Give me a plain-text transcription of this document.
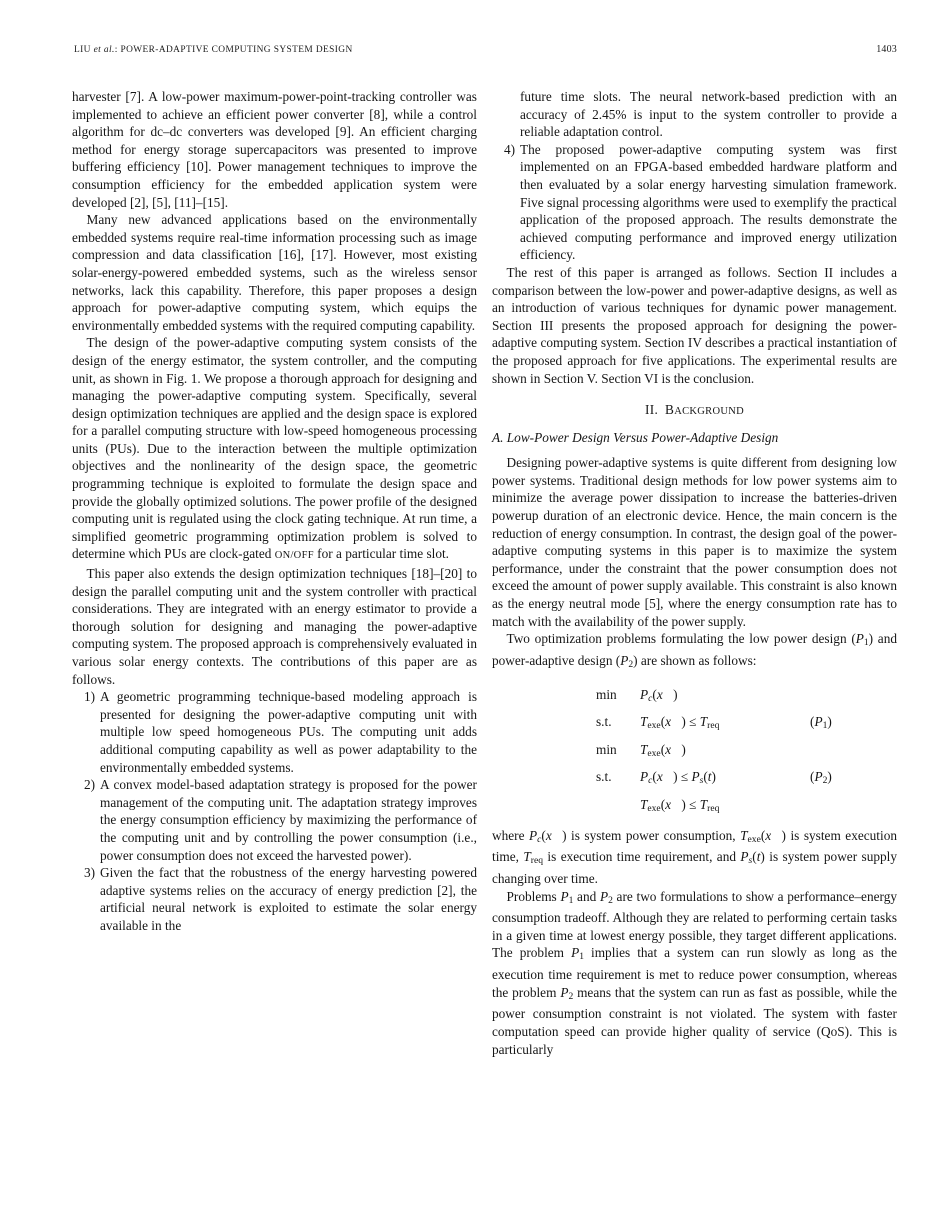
LIU et al.: POWER-ADAPTIVE COMPUTING SYSTEM DESIGN	1403

harvester [7]. A low-power maximum-power-point-tracking controller was implemented to achieve an efficient power converter [8], while a control algorithm for dc–dc converters was developed [9]. An efficient charging method for energy storage supercapacitors was presented to improve buffering efficiency [10]. Power management techniques to improve the consumption efficiency for the embedded application system were developed [2], [5], [11]–[15].

Many new advanced applications based on the environmentally embedded systems require real-time information processing such as image compression and data classification [16], [17]. However, most existing solar-energy-powered embedded systems, such as the wireless sensor networks, lack this capability. Therefore, this paper proposes a design approach for power-adaptive computing system, which equips the environmentally embedded systems with the required computing capability.

The design of the power-adaptive computing system consists of the design of the energy estimator, the system controller, and the computing unit, as shown in Fig. 1. We propose a thorough approach for designing and managing the power-adaptive computing system. Specifically, several design optimization techniques are applied and the design space is explored for a parallel computing structure with low-speed homogeneous processing units (PUs). Due to the interaction between the multiple optimization objectives and the nonlinearity of the design space, the geometric programming technique is exploited to formulate the design space and provide the globally optimized solutions. The power profile of the designed computing unit is regulated using the clock gating technique. At run time, a simplified geometric programming optimization problem is solved to determine which PUs are clock-gated ON/OFF for a particular time slot.

This paper also extends the design optimization techniques [18]–[20] to design the parallel computing unit and the system controller with practical considerations. They are integrated with an energy estimator to provide a thorough solution for designing and managing the power-adaptive computing system. The proposed approach is comprehensively evaluated in various solar energy contexts. The contributions of this paper are as follows.

1) A geometric programming technique-based modeling approach is presented for designing the power-adaptive computing unit with multiple low speed homogeneous PUs. The computing unit adds additional computing capability as well as power adaptability to the environmentally embedded systems.
2) A convex model-based adaptation strategy is proposed for the power management of the computing unit. The adaptation strategy improves the energy consumption efficiency by maximizing the performance of the computing unit and by controlling the power consumption (i.e., power consumption does not exceed the harvested power).
3) Given the fact that the robustness of the energy harvesting powered adaptive systems relies on the accuracy of energy prediction [2], the artificial neural network is exploited to estimate the solar energy available in the

future time slots. The neural network-based prediction with an accuracy of 2.45% is input to the system controller to provide a reliable adaptation control.

4) The proposed power-adaptive computing system was first implemented on an FPGA-based embedded hardware platform and then evaluated by a solar energy harvesting simulation framework. Five signal processing algorithms were used to exemplify the practical application of the proposed approach. The results demonstrate the achieved computing performance and improved energy utilization efficiency.

The rest of this paper is arranged as follows. Section II includes a comparison between the low-power and power-adaptive designs, as well as an introduction of various techniques for dynamic power management. Section III presents the proposed approach for designing the power-adaptive computing system. Section IV describes a practical instantiation of the proposed approach for five applications. The experimental results are shown in Section V. Section VI is the conclusion.

II. BACKGROUND

A. Low-Power Design Versus Power-Adaptive Design

Designing power-adaptive systems is quite different from designing low power systems. Traditional design methods for low power systems aim to minimize the average power dissipation to increase the batteries-driven powerup duration of an electronic device. Hence, the main concern is the reduction of energy consumption. In contrast, the design goal of the power-adaptive computing systems in this paper is to maximize the system performance, under the constraint that the power consumption does not exceed the amount of power supply available. This constraint is also known as the energy neutral mode [5], where the energy consumption rate has to match with the availability of the power supply.

Two optimization problems formulating the low power design (P1) and power-adaptive design (P2) are shown as follows:

min	Pc(x⃗)
s.t.	Texe(x⃗) ≤ Treq	(P1)
min	Texe(x⃗)
s.t.	Pc(x⃗) ≤ Ps(t)	(P2)
Texe(x⃗) ≤ Treq

where Pc(x⃗) is system power consumption, Texe(x⃗) is system execution time, Treq is execution time requirement, and Ps(t) is system power supply changing over time.

Problems P1 and P2 are two formulations to show a performance–energy consumption tradeoff. Although they are related to performing certain tasks in a given time at lowest energy possible, they target different applications. The problem P1 implies that a system can run slowly as long as the execution time requirement is met to reduce power consumption, whereas the problem P2 means that the system can run as fast as possible, while the power consumption constraint is not violated. The system with faster computation speed can provide higher quality of service (QoS). This is particularly
